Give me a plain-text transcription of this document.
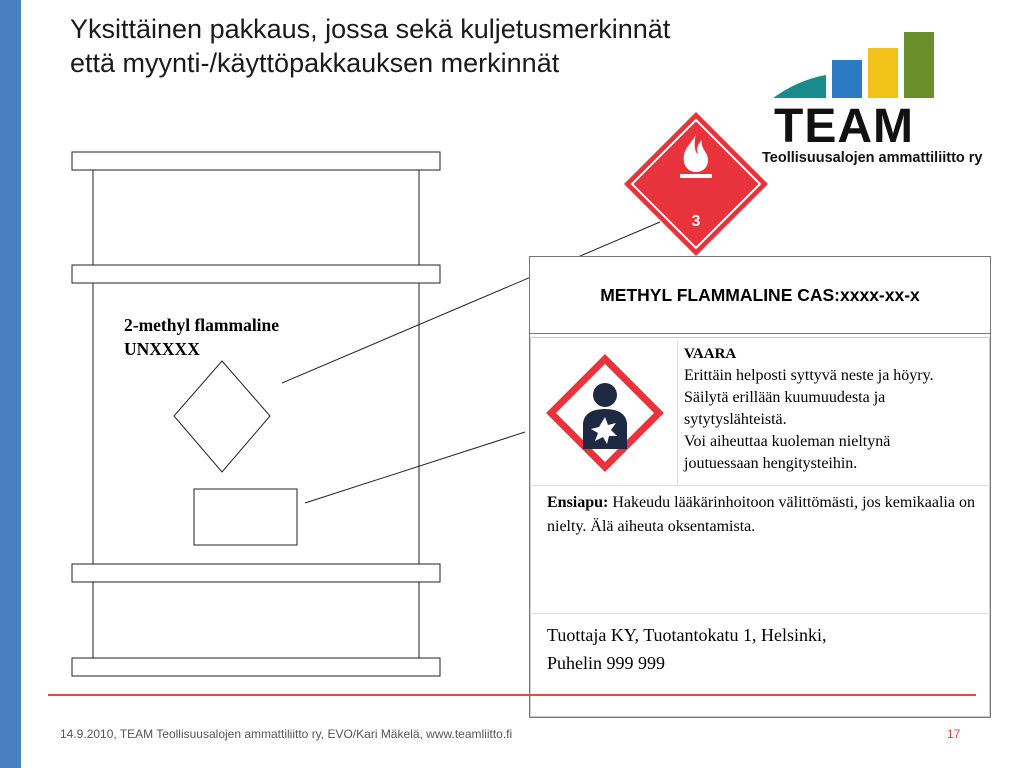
Yksittäinen pakkaus, jossa sekä kuljetusmerkinnät
että myynti-/käyttöpakkauksen merkinnät
TEAM
Teollisuusalojen ammattiliitto ry
2-methyl flammaline
UNXXXX
3
METHYL FLAMMALINE CAS:xxxx-xx-x
VAARA
Erittäin helposti syttyvä neste ja höyry.
Säilytä erillään kuumuudesta ja
sytytyslähteistä.
Voi aiheuttaa kuoleman nieltynä
joutuessaan hengitysteihin.
Ensiapu: Hakeudu lääkärinhoitoon välittömästi, jos kemikaalia on nielty. Älä aiheuta oksentamista.
Tuottaja KY, Tuotantokatu 1, Helsinki,
Puhelin 999 999
14.9.2010, TEAM Teollisuusalojen ammattiliitto ry, EVO/Kari Mäkelä, www.teamliitto.fi	17
